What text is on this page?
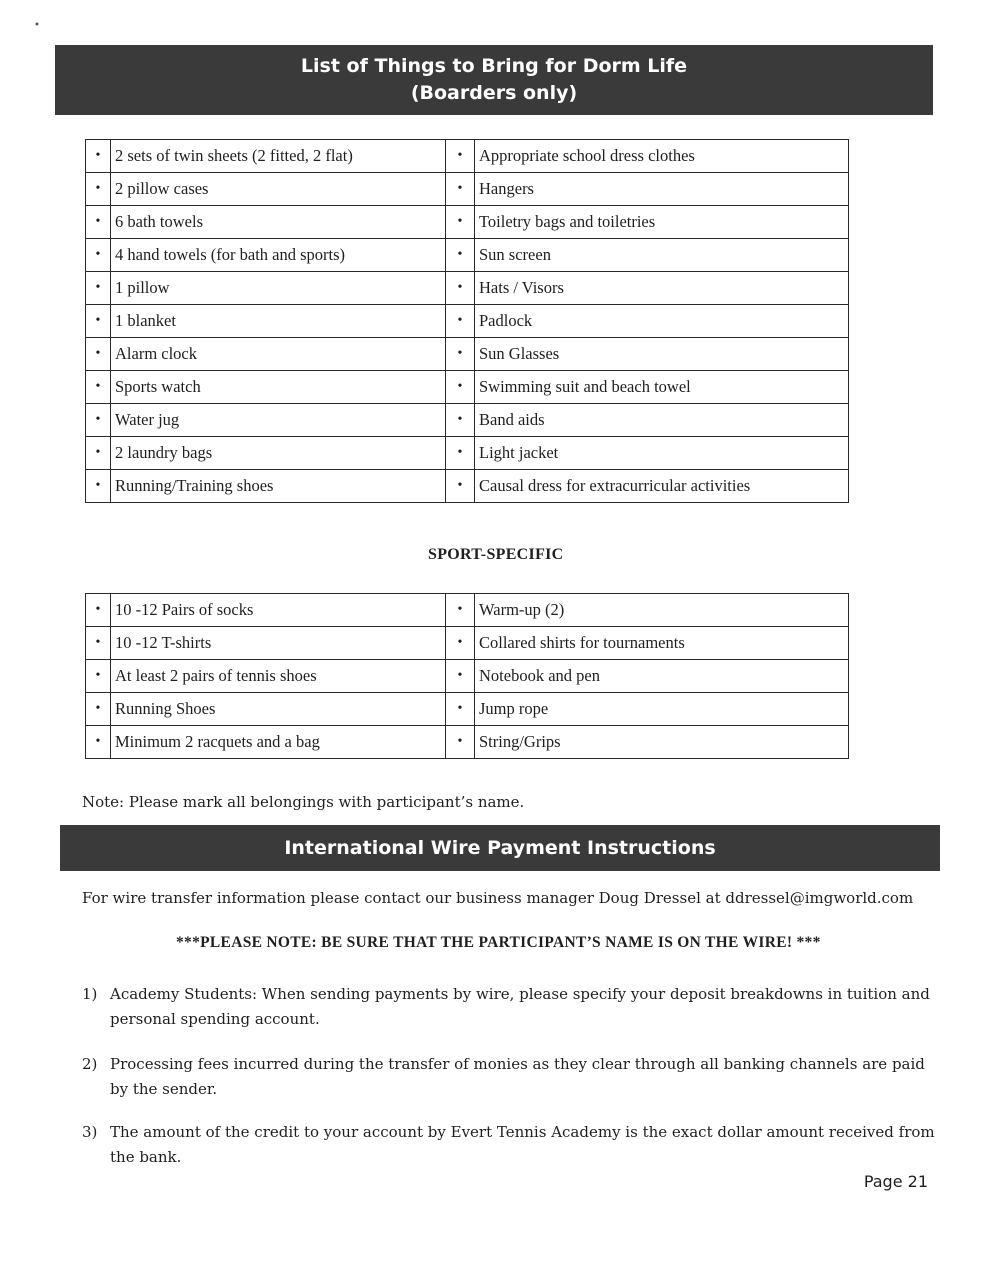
•
List of Things to Bring for Dorm Life
(Boarders only)
•	2 sets of twin sheets (2 fitted, 2 flat)	•	Appropriate school dress clothes
•	2 pillow cases	•	Hangers
•	6 bath towels	•	Toiletry bags and toiletries
•	4 hand towels (for bath and sports)	•	Sun screen
•	1 pillow	•	Hats / Visors
•	1 blanket	•	Padlock
•	Alarm clock	•	Sun Glasses
•	Sports watch	•	Swimming suit and beach towel
•	Water jug	•	Band aids
•	2 laundry bags	•	Light jacket
•	Running/Training shoes	•	Causal dress for extracurricular activities
SPORT-SPECIFIC
•	10 -12 Pairs of socks	•	Warm-up (2)
•	10 -12 T-shirts	•	Collared shirts for tournaments
•	At least 2 pairs of tennis shoes	•	Notebook and pen
•	Running Shoes	•	Jump rope
•	Minimum 2 racquets and a bag	•	String/Grips
Note: Please mark all belongings with participant’s name.
International Wire Payment Instructions
For wire transfer information please contact our business manager Doug Dressel at ddressel@imgworld.com
***PLEASE NOTE: BE SURE THAT THE PARTICIPANT’S NAME IS ON THE WIRE! ***
1) Academy Students: When sending payments by wire, please specify your deposit breakdowns in tuition and personal spending account.
2) Processing fees incurred during the transfer of monies as they clear through all banking channels are paid by the sender.
3) The amount of the credit to your account by Evert Tennis Academy is the exact dollar amount received from the bank.
Page 21
